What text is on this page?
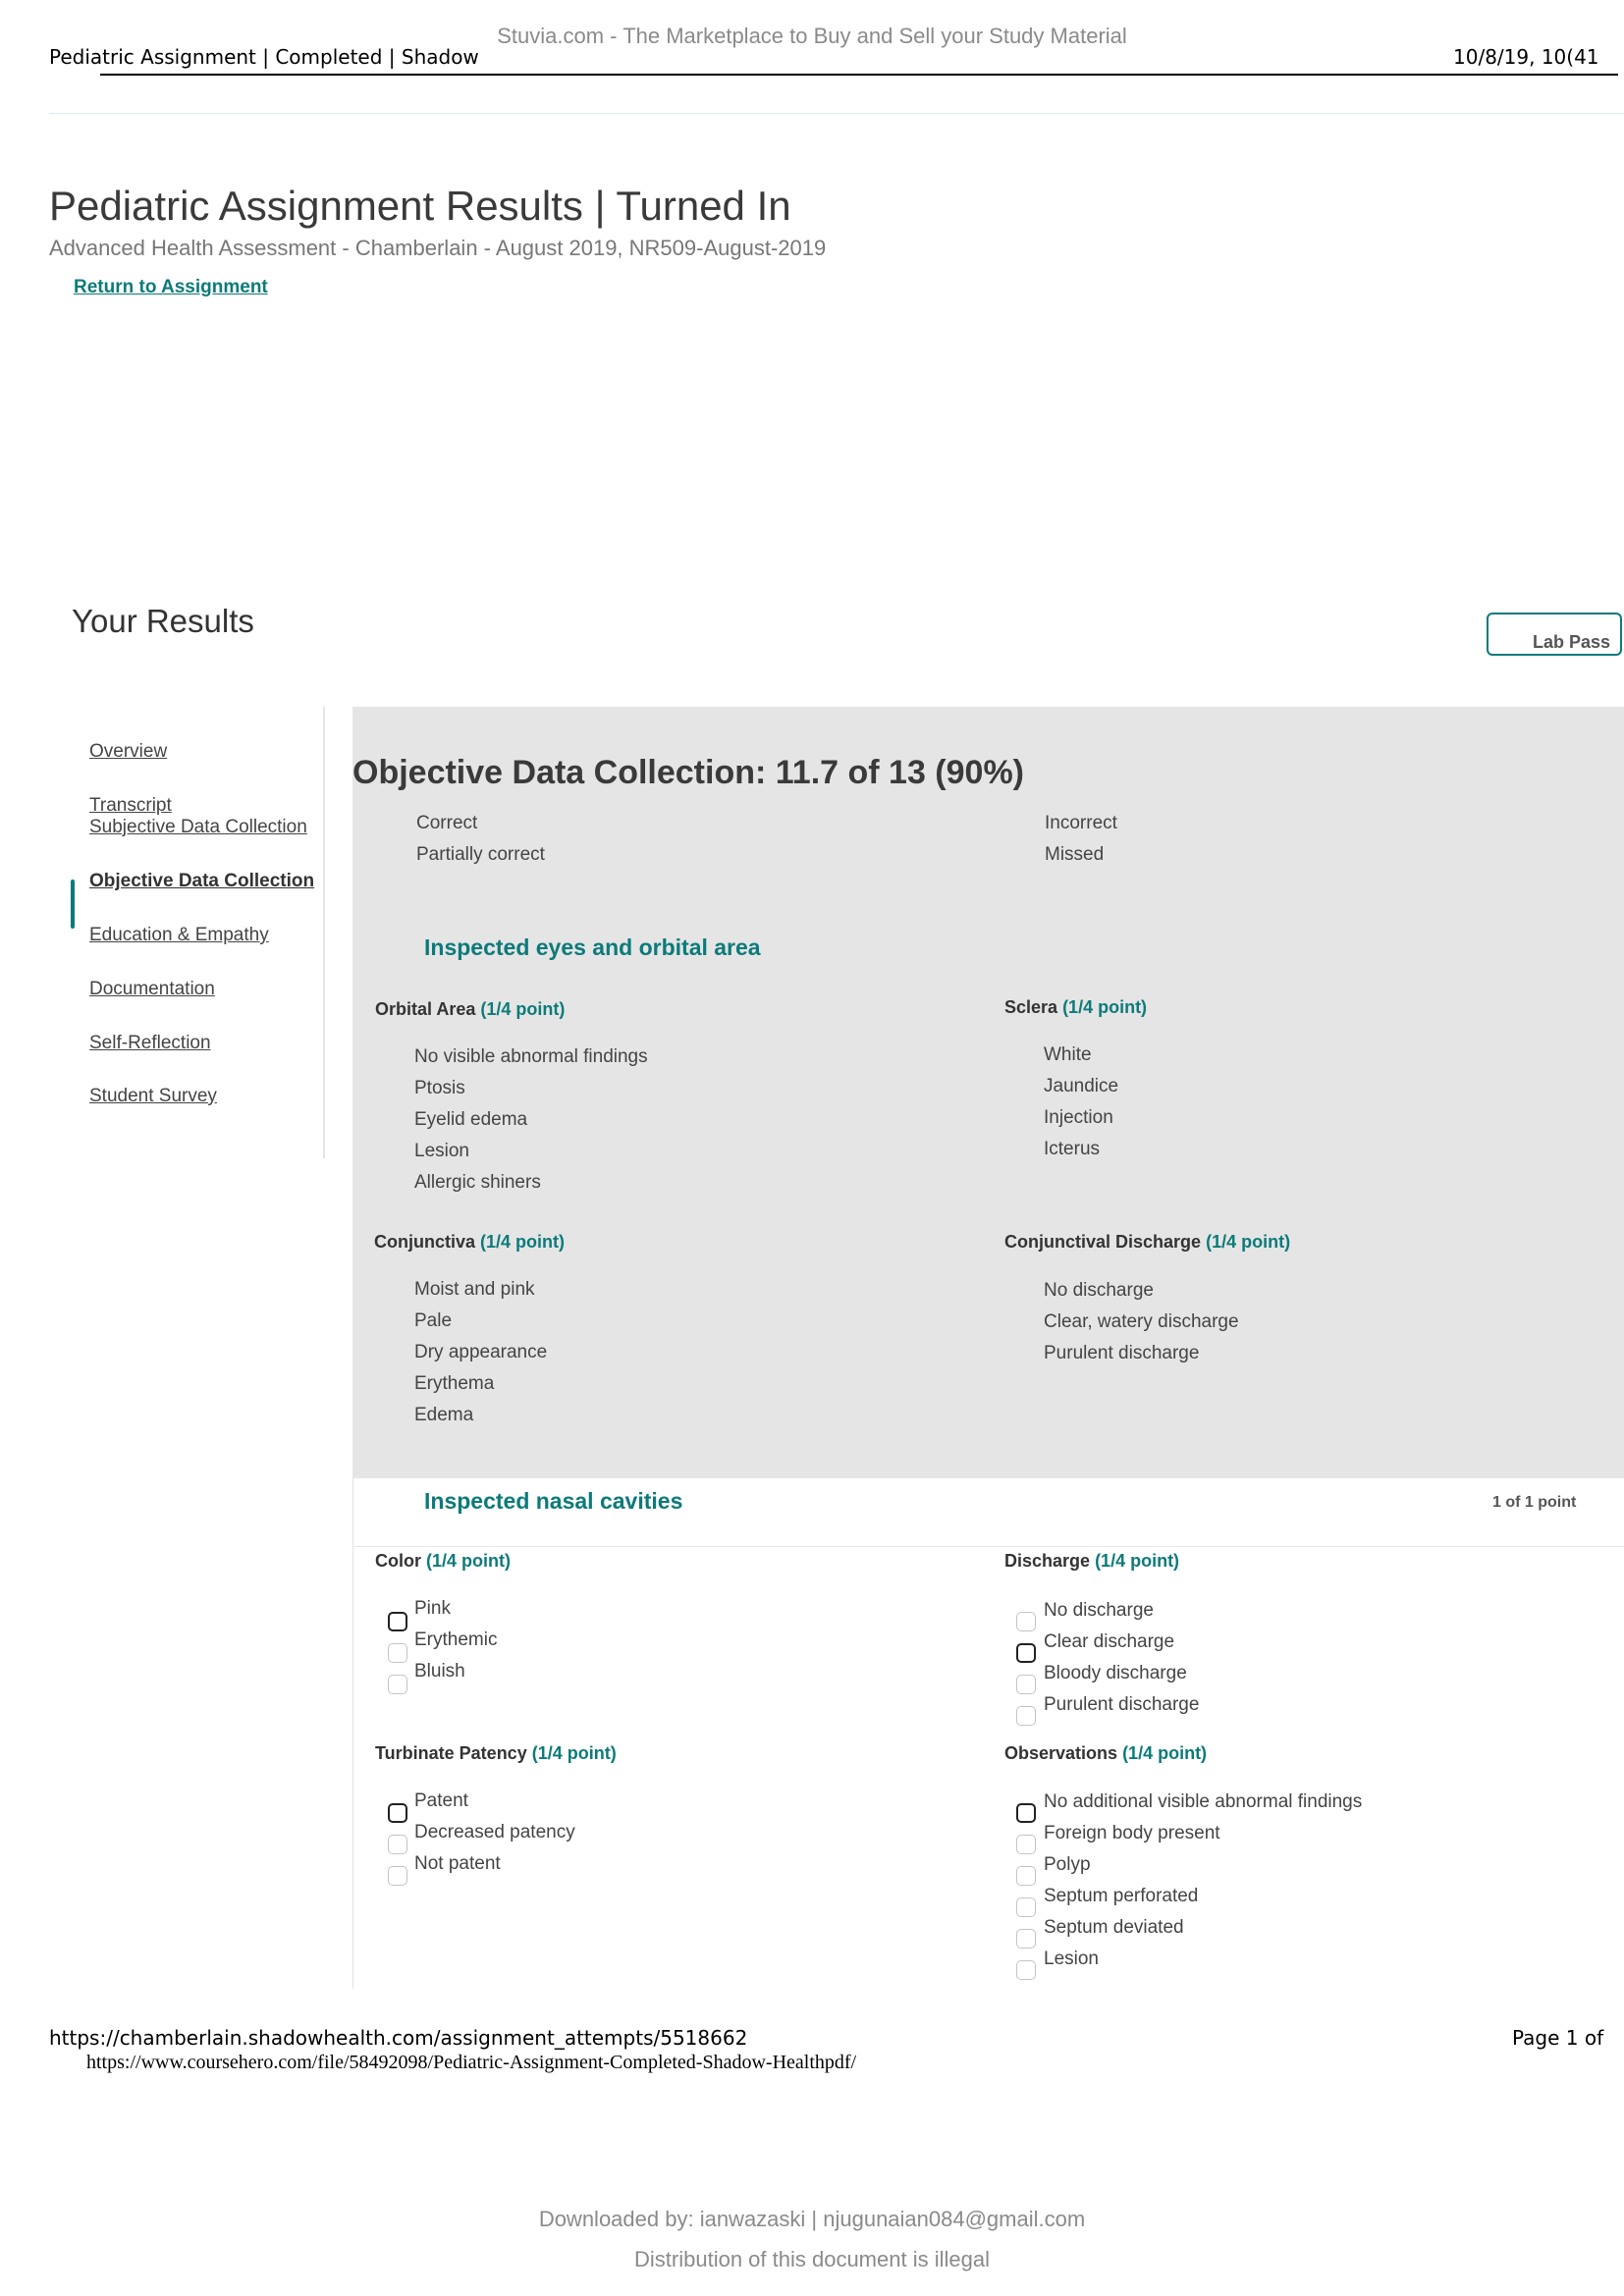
Stuvia.com - The Marketplace to Buy and Sell your Study Material
Pediatric Assignment | Completed | Shadow	10/8/19, 10(41
Pediatric Assignment Results | Turned In
Advanced Health Assessment - Chamberlain - August 2019, NR509-August-2019
Return to Assignment
Your Results
Lab Pass
Overview
Transcript
Subjective Data Collection
Objective Data Collection
Education & Empathy
Documentation
Self-Reflection
Student Survey
Objective Data Collection: 11.7 of 13 (90%)
Correct
Partially correct
Incorrect
Missed
Inspected eyes and orbital area
Orbital Area (1/4 point)
No visible abnormal findings
Ptosis
Eyelid edema
Lesion
Allergic shiners
Sclera (1/4 point)
White
Jaundice
Injection
Icterus
Conjunctiva (1/4 point)
Moist and pink
Pale
Dry appearance
Erythema
Edema
Conjunctival Discharge (1/4 point)
No discharge
Clear, watery discharge
Purulent discharge
Inspected nasal cavities	1 of 1 point
Color (1/4 point)
Pink
Erythemic
Bluish
Discharge (1/4 point)
No discharge
Clear discharge
Bloody discharge
Purulent discharge
Turbinate Patency (1/4 point)
Patent
Decreased patency
Not patent
Observations (1/4 point)
No additional visible abnormal findings
Foreign body present
Polyp
Septum perforated
Septum deviated
Lesion
https://chamberlain.shadowhealth.com/assignment_attempts/5518662	Page 1 of
https://www.coursehero.com/file/58492098/Pediatric-Assignment-Completed-Shadow-Healthpdf/
Downloaded by: ianwazaski | njugunaian084@gmail.com
Distribution of this document is illegal
